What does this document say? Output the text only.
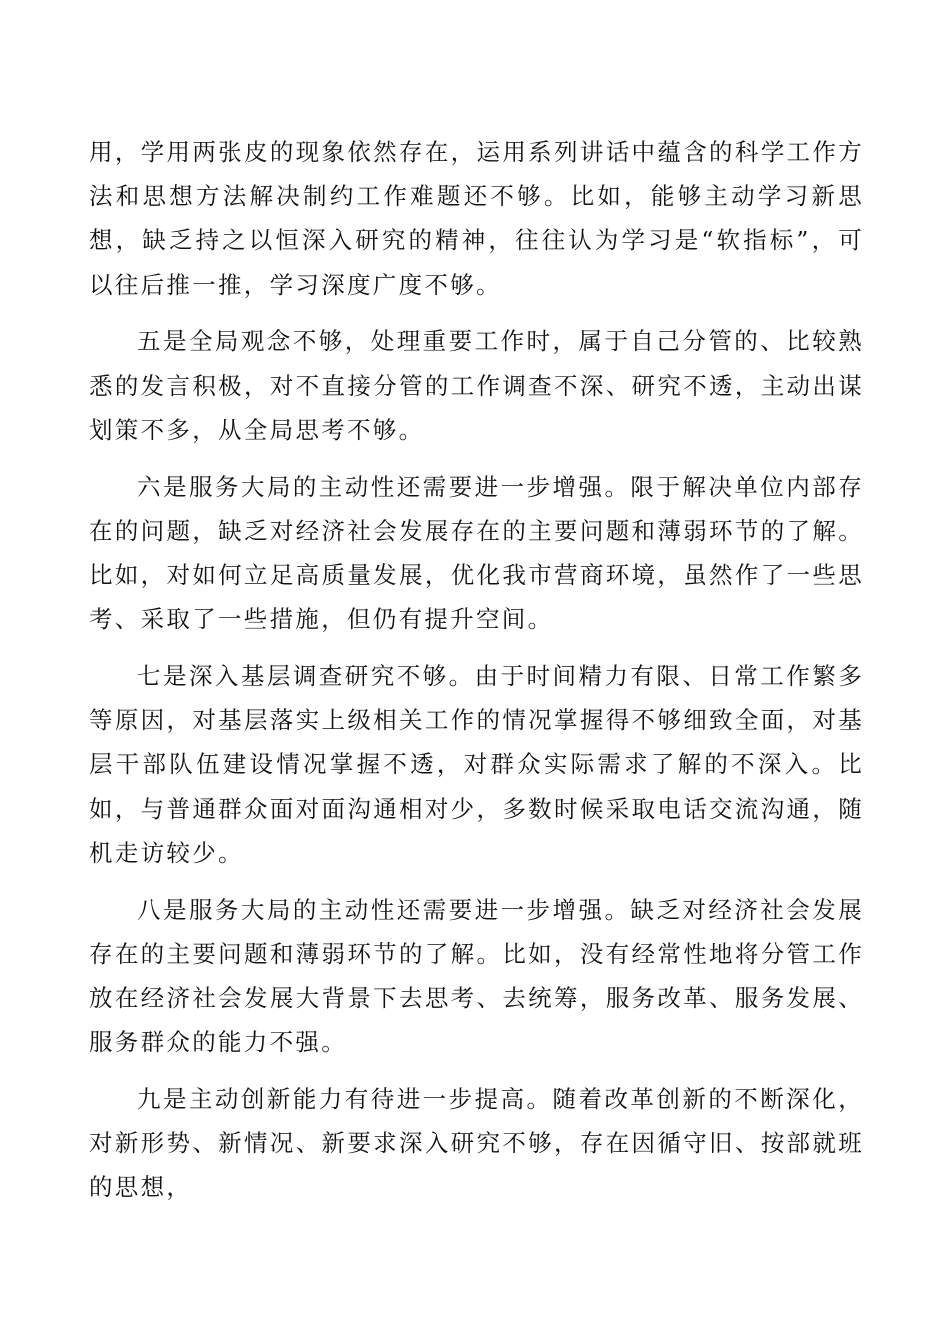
用，学用两张皮的现象依然存在，运用系列讲话中蕴含的科学工作方法和思想方法解决制约工作难题还不够。比如，能够主动学习新思想，缺乏持之以恒深入研究的精神，往往认为学习是“软指标”，可以往后推一推，学习深度广度不够。

五是全局观念不够，处理重要工作时，属于自己分管的、比较熟悉的发言积极，对不直接分管的工作调查不深、研究不透，主动出谋划策不多，从全局思考不够。

六是服务大局的主动性还需要进一步增强。限于解决单位内部存在的问题，缺乏对经济社会发展存在的主要问题和薄弱环节的了解。比如，对如何立足高质量发展，优化我市营商环境，虽然作了一些思考、采取了一些措施，但仍有提升空间。

七是深入基层调查研究不够。由于时间精力有限、日常工作繁多等原因，对基层落实上级相关工作的情况掌握得不够细致全面，对基层干部队伍建设情况掌握不透，对群众实际需求了解的不深入。比如，与普通群众面对面沟通相对少，多数时候采取电话交流沟通，随机走访较少。

八是服务大局的主动性还需要进一步增强。缺乏对经济社会发展存在的主要问题和薄弱环节的了解。比如，没有经常性地将分管工作放在经济社会发展大背景下去思考、去统筹，服务改革、服务发展、服务群众的能力不强。

九是主动创新能力有待进一步提高。随着改革创新的不断深化，对新形势、新情况、新要求深入研究不够，存在因循守旧、按部就班的思想，
